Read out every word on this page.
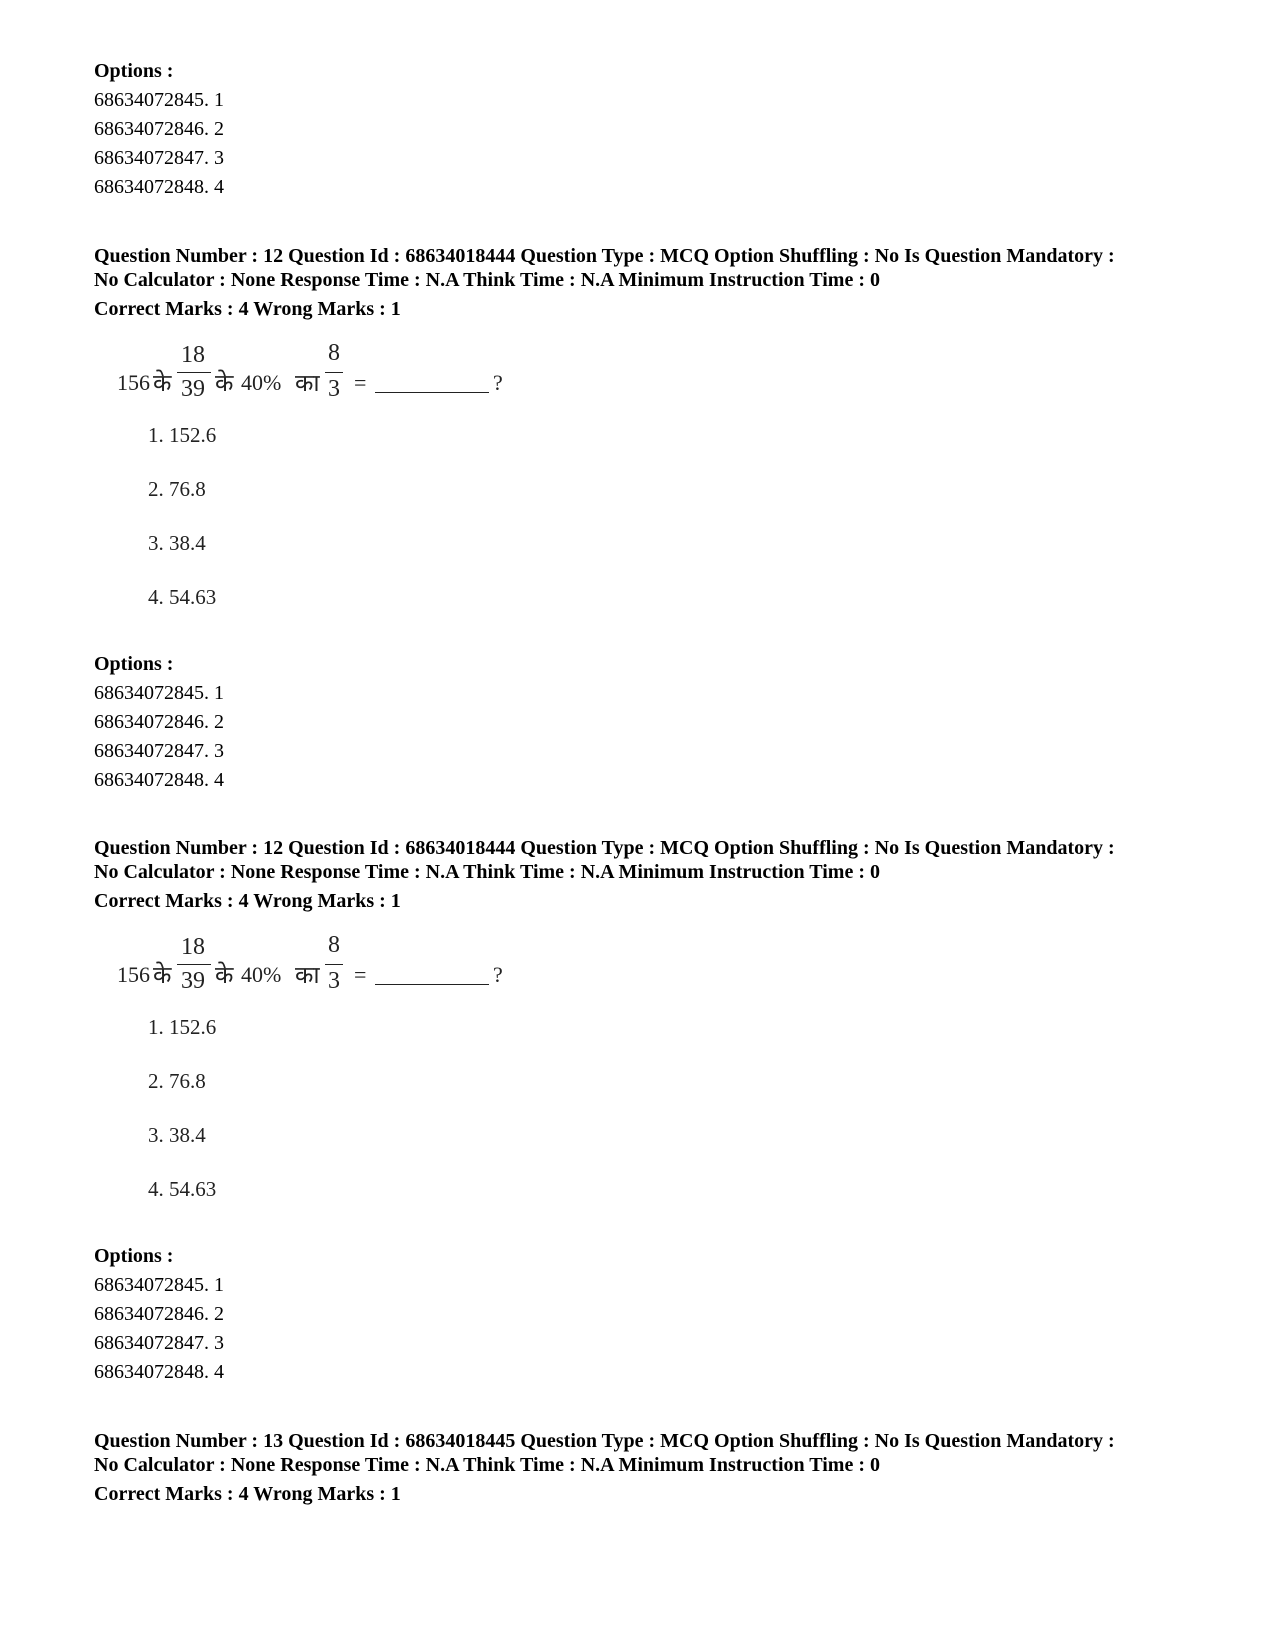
Options :
68634072845. 1
68634072846. 2
68634072847. 3
68634072848. 4
Question Number : 12 Question Id : 68634018444 Question Type : MCQ Option Shuffling : No Is Question Mandatory :
No Calculator : None Response Time : N.A Think Time : N.A Minimum Instruction Time : 0
Correct Marks : 4 Wrong Marks : 1
156 के
18
39 के 40% का
8
3 =	?
1. 152.6
2. 76.8
3. 38.4
4. 54.63
Options :
68634072845. 1
68634072846. 2
68634072847. 3
68634072848. 4
Question Number : 12 Question Id : 68634018444 Question Type : MCQ Option Shuffling : No Is Question Mandatory :
No Calculator : None Response Time : N.A Think Time : N.A Minimum Instruction Time : 0
Correct Marks : 4 Wrong Marks : 1
156 के
18
39 के 40% का
8
3 =	?
1. 152.6
2. 76.8
3. 38.4
4. 54.63
Options :
68634072845. 1
68634072846. 2
68634072847. 3
68634072848. 4
Question Number : 13 Question Id : 68634018445 Question Type : MCQ Option Shuffling : No Is Question Mandatory :
No Calculator : None Response Time : N.A Think Time : N.A Minimum Instruction Time : 0
Correct Marks : 4 Wrong Marks : 1
